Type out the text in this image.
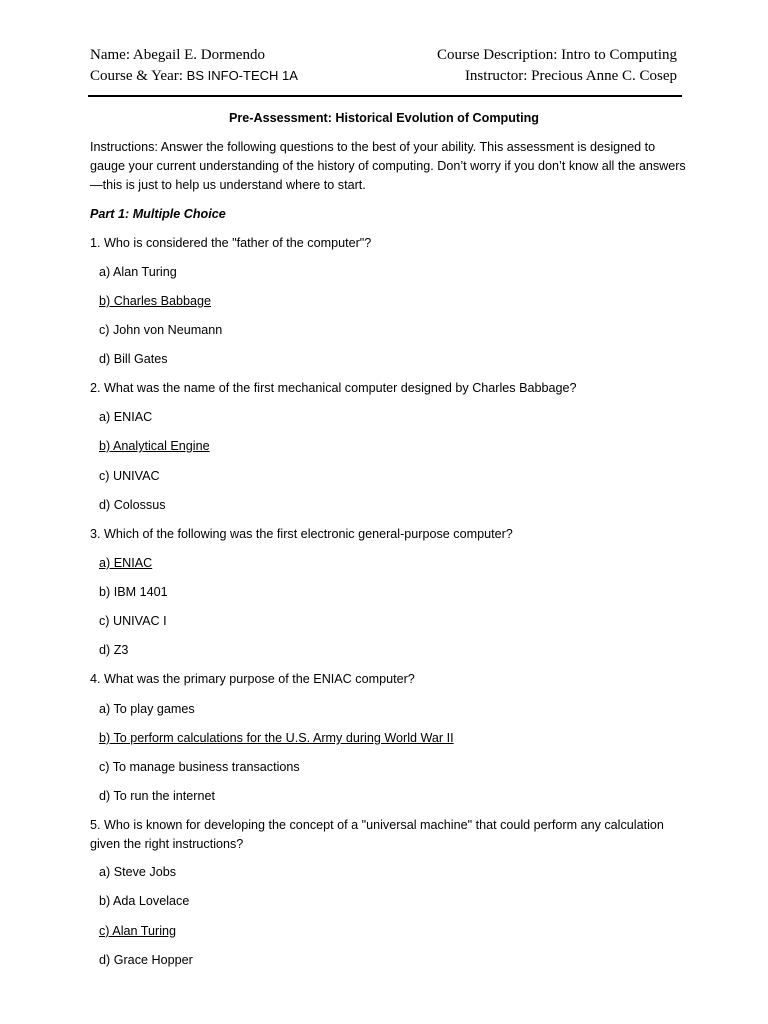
Name: Abegail E. Dormendo
Course & Year: BS INFO-TECH 1A
Course Description: Intro to Computing
Instructor: Precious Anne C. Cosep
Pre-Assessment: Historical Evolution of Computing
Instructions: Answer the following questions to the best of your ability. This assessment is designed to gauge your current understanding of the history of computing. Don’t worry if you don’t know all the answers—this is just to help us understand where to start.
Part 1: Multiple Choice
1. Who is considered the "father of the computer"?
a) Alan Turing
b) Charles Babbage
c) John von Neumann
d) Bill Gates
2. What was the name of the first mechanical computer designed by Charles Babbage?
a) ENIAC
b) Analytical Engine
c) UNIVAC
d) Colossus
3. Which of the following was the first electronic general-purpose computer?
a) ENIAC
b) IBM 1401
c) UNIVAC I
d) Z3
4. What was the primary purpose of the ENIAC computer?
a) To play games
b) To perform calculations for the U.S. Army during World War II
c) To manage business transactions
d) To run the internet
5. Who is known for developing the concept of a "universal machine" that could perform any calculation given the right instructions?
a) Steve Jobs
b) Ada Lovelace
c) Alan Turing
d) Grace Hopper
